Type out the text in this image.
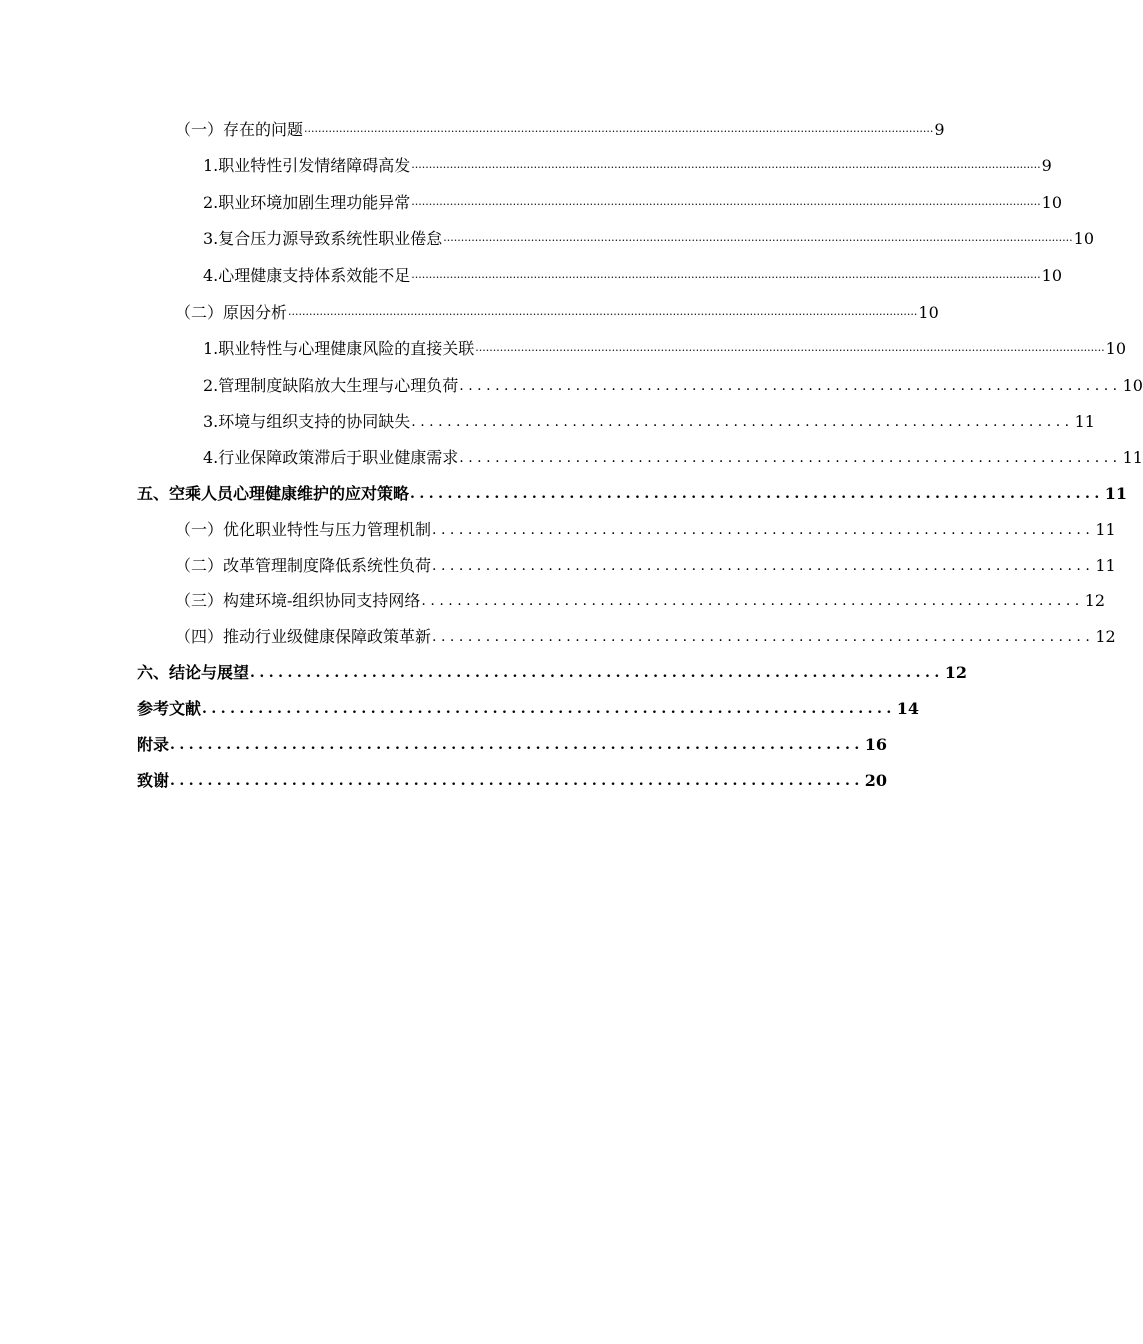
（一）存在的问题 .................................................................................................................................................................................... 9
1.职业特性引发情绪障碍高发 .................................................................................................................................................................................... 9
2.职业环境加剧生理功能异常 .................................................................................................................................................................................... 10
3.复合压力源导致系统性职业倦怠 .................................................................................................................................................................................... 10
4.心理健康支持体系效能不足 .................................................................................................................................................................................... 10
（二）原因分析 .................................................................................................................................................................................... 10
1.职业特性与心理健康风险的直接关联 .................................................................................................................................................................................... 10
2.管理制度缺陷放大生理与心理负荷 .......................................................................... 10
3.环境与组织支持的协同缺失 .......................................................................... 11
4.行业保障政策滞后于职业健康需求 .......................................................................... 11
五、空乘人员心理健康维护的应对策略 .......................................................................... 11
（一）优化职业特性与压力管理机制 .......................................................................... 11
（二）改革管理制度降低系统性负荷 .......................................................................... 11
（三）构建环境-组织协同支持网络 .......................................................................... 12
（四）推动行业级健康保障政策革新 .......................................................................... 12
六、结论与展望 .......................................................................... 12
参考文献 .......................................................................... 14
附录 .......................................................................... 16
致谢 .......................................................................... 20
